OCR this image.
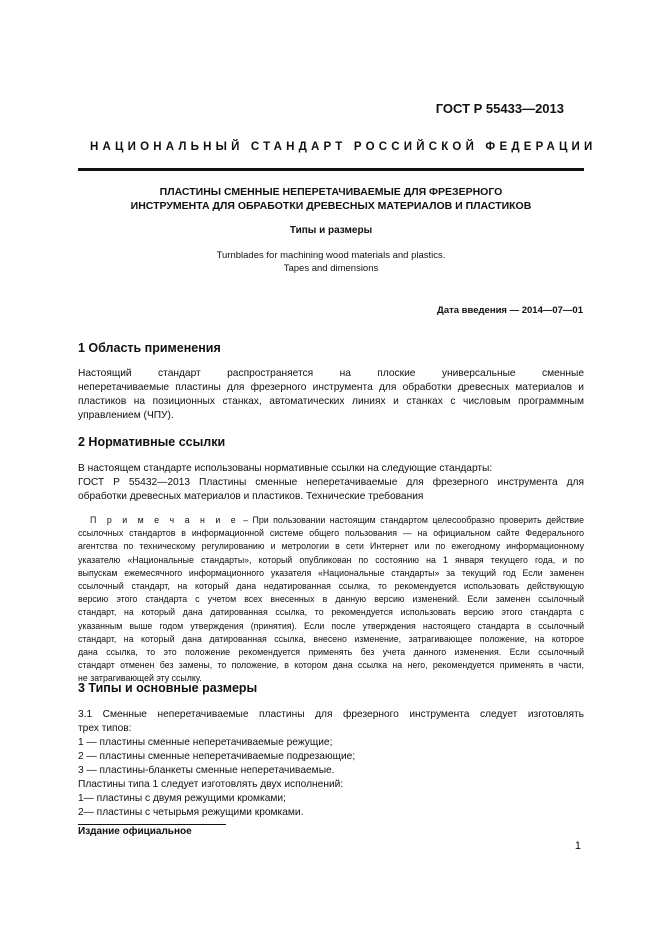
ГОСТ Р 55433—2013
НАЦИОНАЛЬНЫЙ СТАНДАРТ РОССИЙСКОЙ ФЕДЕРАЦИИ
ПЛАСТИНЫ СМЕННЫЕ НЕПЕРЕТАЧИВАЕМЫЕ ДЛЯ ФРЕЗЕРНОГО
ИНСТРУМЕНТА ДЛЯ ОБРАБОТКИ ДРЕВЕСНЫХ МАТЕРИАЛОВ И ПЛАСТИКОВ
Типы и размеры
Turnblades for machining wood materials and plastics.
Tapes and dimensions
Дата введения — 2014—07—01
1 Область применения
Настоящий стандарт распространяется на плоские универсальные сменные
неперетачиваемые пластины для фрезерного инструмента для обработки древесных материалов и
пластиков на позиционных станках, автоматических линиях и станках с числовым программным
управлением (ЧПУ).
2 Нормативные ссылки
В настоящем стандарте использованы нормативные ссылки на следующие стандарты:
ГОСТ Р 55432—2013 Пластины сменные неперетачиваемые для фрезерного инструмента для
обработки древесных материалов и пластиков. Технические требования
П р и м е ч а н и е – При пользовании настоящим стандартом целесообразно проверить действие
ссылочных стандартов в информационной системе общего пользования — на официальном сайте Федерального
агентства по техническому регулированию и метрологии в сети Интернет или по ежегодному информационному
указателю «Национальные стандарты», который опубликован по состоянию на 1 января текущего года, и по
выпускам ежемесячного информационного указателя «Национальные стандарты» за текущий год Если заменен
ссылочный стандарт, на который дана недатированная ссылка, то рекомендуется использовать действующую
версию этого стандарта с учетом всех внесенных в данную версию изменений. Если заменен ссылочный
стандарт, на который дана датированная ссылка, то рекомендуется использовать версию этого стандарта с
указанным выше годом утверждения (принятия). Если после утверждения настоящего стандарта в ссылочный
стандарт, на который дана датированная ссылка, внесено изменение, затрагивающее положение, на которое
дана ссылка, то это положение рекомендуется применять без учета данного изменения. Если ссылочный
стандарт отменен без замены, то положение, в котором дана ссылка на него, рекомендуется применять в части,
не затрагивающей эту ссылку.
3 Типы и основные размеры
3.1 Сменные неперетачиваемые пластины для фрезерного инструмента следует изготовлять
трех типов:
1 — пластины сменные неперетачиваемые режущие;
2 — пластины сменные неперетачиваемые подрезающие;
3 — пластины-бланкеты сменные неперетачиваемые.
Пластины типа 1 следует изготовлять двух исполнений:
1— пластины с двумя режущими кромками;
2— пластины с четырьмя режущими кромками.
Издание официальное
1
